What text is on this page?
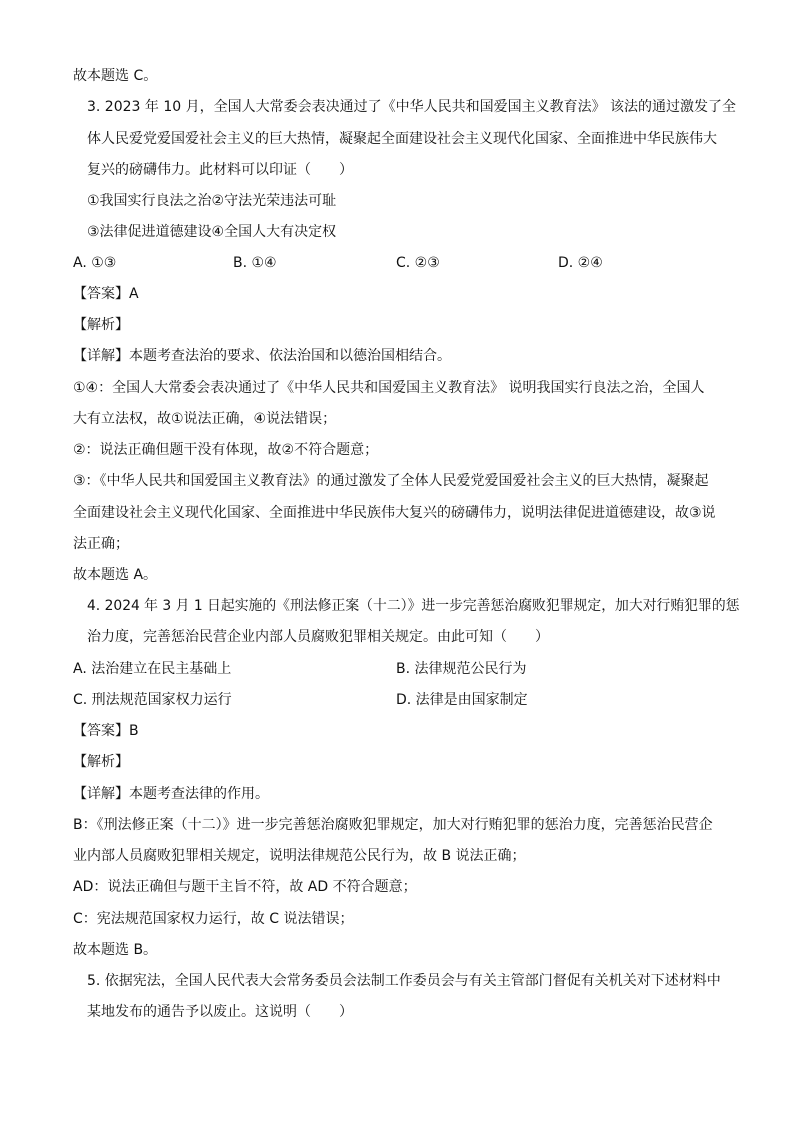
故本题选 C。
3. 2023 年 10 月，全国人大常委会表决通过了《中华人民共和国爱国主义教育法》 该法的通过激发了全
体人民爱党爱国爱社会主义的巨大热情，凝聚起全面建设社会主义现代化国家、全面推进中华民族伟大
复兴的磅礴伟力。此材料可以印证（　　）
①我国实行良法之治②守法光荣违法可耻
③法律促进道德建设④全国人大有决定权
A. ①③	B. ①④	C. ②③	D. ②④
【答案】A
【解析】
【详解】本题考查法治的要求、依法治国和以德治国相结合。
①④：全国人大常委会表决通过了《中华人民共和国爱国主义教育法》 说明我国实行良法之治，全国人
大有立法权，故①说法正确，④说法错误；
②：说法正确但题干没有体现，故②不符合题意；
③：《中华人民共和国爱国主义教育法》的通过激发了全体人民爱党爱国爱社会主义的巨大热情，凝聚起
全面建设社会主义现代化国家、全面推进中华民族伟大复兴的磅礴伟力，说明法律促进道德建设，故③说
法正确；
故本题选 A。
4. 2024 年 3 月 1 日起实施的《刑法修正案（十二）》进一步完善惩治腐败犯罪规定，加大对行贿犯罪的惩
治力度，完善惩治民营企业内部人员腐败犯罪相关规定。由此可知（　　）
A. 法治建立在民主基础上	B. 法律规范公民行为
C. 刑法规范国家权力运行	D. 法律是由国家制定
【答案】B
【解析】
【详解】本题考查法律的作用。
B：《刑法修正案（十二）》进一步完善惩治腐败犯罪规定，加大对行贿犯罪的惩治力度，完善惩治民营企
业内部人员腐败犯罪相关规定，说明法律规范公民行为，故 B 说法正确；
AD：说法正确但与题干主旨不符，故 AD 不符合题意；
C：宪法规范国家权力运行，故 C 说法错误；
故本题选 B。
5. 依据宪法，全国人民代表大会常务委员会法制工作委员会与有关主管部门督促有关机关对下述材料中
某地发布的通告予以废止。这说明（　　）
